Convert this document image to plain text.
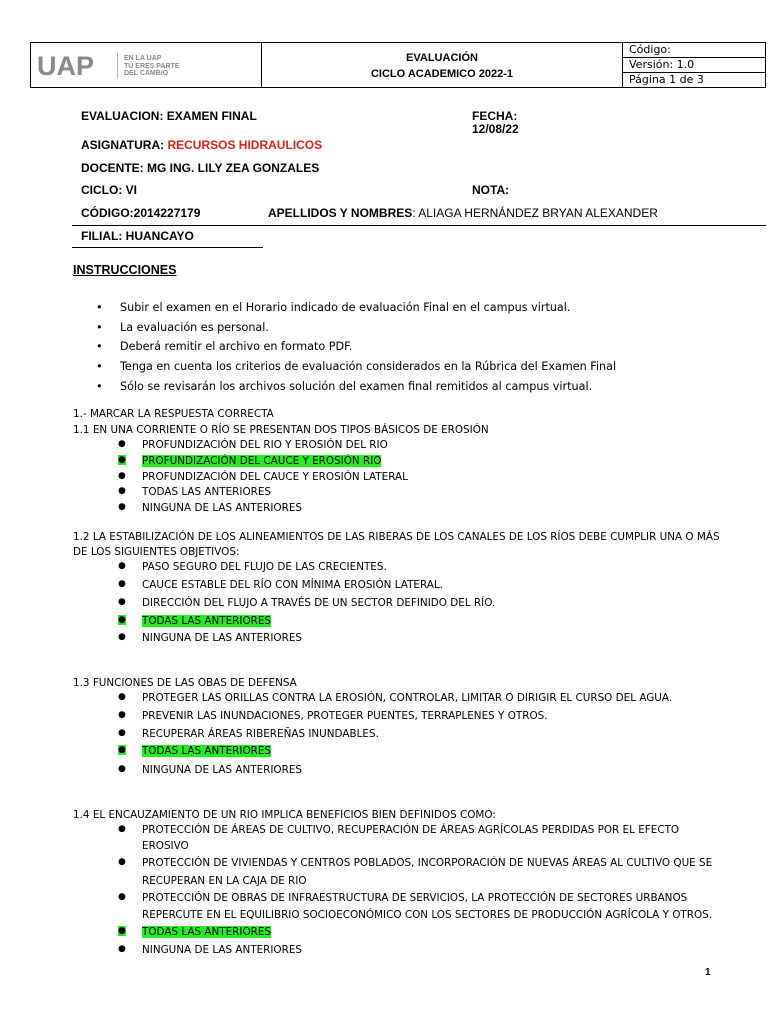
UAP	EN LA UAP
TÚ ERES PARTE
DEL CAMBIO
EVALUACIÓN
CICLO ACADEMICO 2022-1
Código:
Versión: 1.0
Página 1 de 3
EVALUACION: EXAMEN FINAL	FECHA:
12/08/22
ASIGNATURA: RECURSOS HIDRAULICOS
DOCENTE: MG ING. LILY ZEA GONZALES
CICLO: VI	NOTA:
CÓDIGO:2014227179	APELLIDOS Y NOMBRES: ALIAGA HERNÁNDEZ BRYAN ALEXANDER
FILIAL: HUANCAYO
INSTRUCCIONES
• Subir el examen en el Horario indicado de evaluación Final en el campus virtual.
• La evaluación es personal.
• Deberá remitir el archivo en formato PDF.
• Tenga en cuenta los criterios de evaluación considerados en la Rúbrica del Examen Final
• Sólo se revisarán los archivos solución del examen final remitidos al campus virtual.
1.- MARCAR LA RESPUESTA CORRECTA
1.1 EN UNA CORRIENTE O RÍO SE PRESENTAN DOS TIPOS BÁSICOS DE EROSIÓN
● PROFUNDIZACIÓN DEL RIO Y EROSIÓN DEL RIO
● PROFUNDIZACIÓN DEL CAUCE Y EROSIÓN RIO
● PROFUNDIZACIÓN DEL CAUCE Y EROSIÓN LATERAL
● TODAS LAS ANTERIORES
● NINGUNA DE LAS ANTERIORES
1.2 LA ESTABILIZACIÓN DE LOS ALINEAMIENTOS DE LAS RIBERAS DE LOS CANALES DE LOS RÍOS DEBE CUMPLIR UNA O MÁS
DE LOS SIGUIENTES OBJETIVOS:
● PASO SEGURO DEL FLUJO DE LAS CRECIENTES.
● CAUCE ESTABLE DEL RÍO CON MÍNIMA EROSIÓN LATERAL.
● DIRECCIÓN DEL FLUJO A TRAVÉS DE UN SECTOR DEFINIDO DEL RÍO.
● TODAS LAS ANTERIORES
● NINGUNA DE LAS ANTERIORES
1.3 FUNCIONES DE LAS OBAS DE DEFENSA
● PROTEGER LAS ORILLAS CONTRA LA EROSIÓN, CONTROLAR, LIMITAR O DIRIGIR EL CURSO DEL AGUA.
● PREVENIR LAS INUNDACIONES, PROTEGER PUENTES, TERRAPLENES Y OTROS.
● RECUPERAR ÁREAS RIBEREÑAS INUNDABLES.
● TODAS LAS ANTERIORES
● NINGUNA DE LAS ANTERIORES
1.4 EL ENCAUZAMIENTO DE UN RIO IMPLICA BENEFICIOS BIEN DEFINIDOS COMO:
● PROTECCIÓN DE ÁREAS DE CULTIVO, RECUPERACIÓN DE ÁREAS AGRÍCOLAS PERDIDAS POR EL EFECTO
EROSIVO
● PROTECCIÓN DE VIVIENDAS Y CENTROS POBLADOS, INCORPORACIÓN DE NUEVAS ÁREAS AL CULTIVO QUE SE
RECUPERAN EN LA CAJA DE RIO
● PROTECCIÓN DE OBRAS DE INFRAESTRUCTURA DE SERVICIOS, LA PROTECCIÓN DE SECTORES URBANOS
REPERCUTE EN EL EQUILIBRIO SOCIOECONÓMICO CON LOS SECTORES DE PRODUCCIÓN AGRÍCOLA Y OTROS.
● TODAS LAS ANTERIORES
● NINGUNA DE LAS ANTERIORES
1
